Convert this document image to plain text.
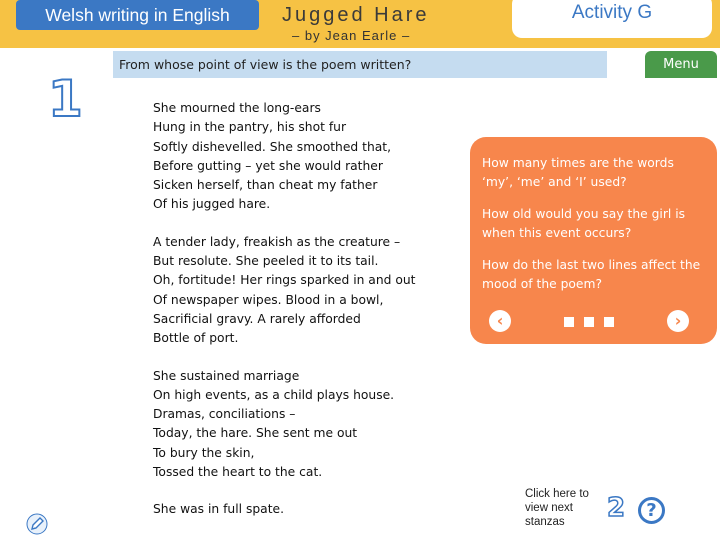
Welsh writing in English	Jugged Hare	Activity G
– by Jean Earle –
From whose point of view is the poem written?	Menu
1	She mourned the long-ears
Hung in the pantry, his shot fur
Softly dishevelled. She smoothed that,
Before gutting – yet she would rather
Sicken herself, than cheat my father
Of his jugged hare.
A tender lady, freakish as the creature –
But resolute. She peeled it to its tail.
Oh, fortitude! Her rings sparked in and out
Of newspaper wipes. Blood in a bowl,
Sacrificial gravy. A rarely afforded
Bottle of port.
She sustained marriage
On high events, as a child plays house.
Dramas, conciliations –
Today, the hare. She sent me out
To bury the skin,
Tossed the heart to the cat.
She was in full spate.
How many times are the words ‘my’, ‘me’ and ‘I’ used?
How old would you say the girl is when this event occurs?
How do the last two lines affect the mood of the poem?
‹	›
Click here to view next stanzas	2	?
